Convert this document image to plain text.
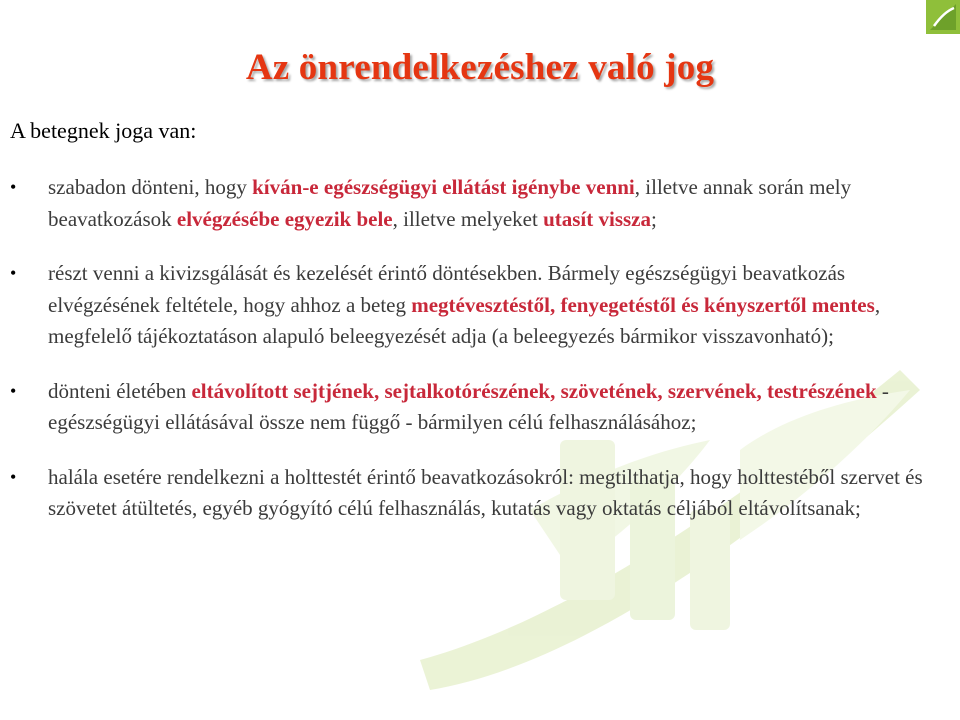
Az önrendelkezéshez való jog
A betegnek joga van:
• szabadon dönteni, hogy kíván-e egészségügyi ellátást igénybe venni, illetve annak során mely beavatkozások elvégzésébe egyezik bele, illetve melyeket utasít vissza;
• részt venni a kivizsgálását és kezelését érintő döntésekben. Bármely egészségügyi beavatkozás elvégzésének feltétele, hogy ahhoz a beteg megtévesztéstől, fenyegetéstől és kényszertől mentes, megfelelő tájékoztatáson alapuló beleegyezését adja (a beleegyezés bármikor visszavonható);
• dönteni életében eltávolított sejtjének, sejtalkotórészének, szövetének, szervének, testrészének - egészségügyi ellátásával össze nem függő - bármilyen célú felhasználásához;
• halála esetére rendelkezni a holttestét érintő beavatkozásokról: megtilthatja, hogy holttestéből szervet és szövetet átültetés, egyéb gyógyító célú felhasználás, kutatás vagy oktatás céljából eltávolítsanak;
